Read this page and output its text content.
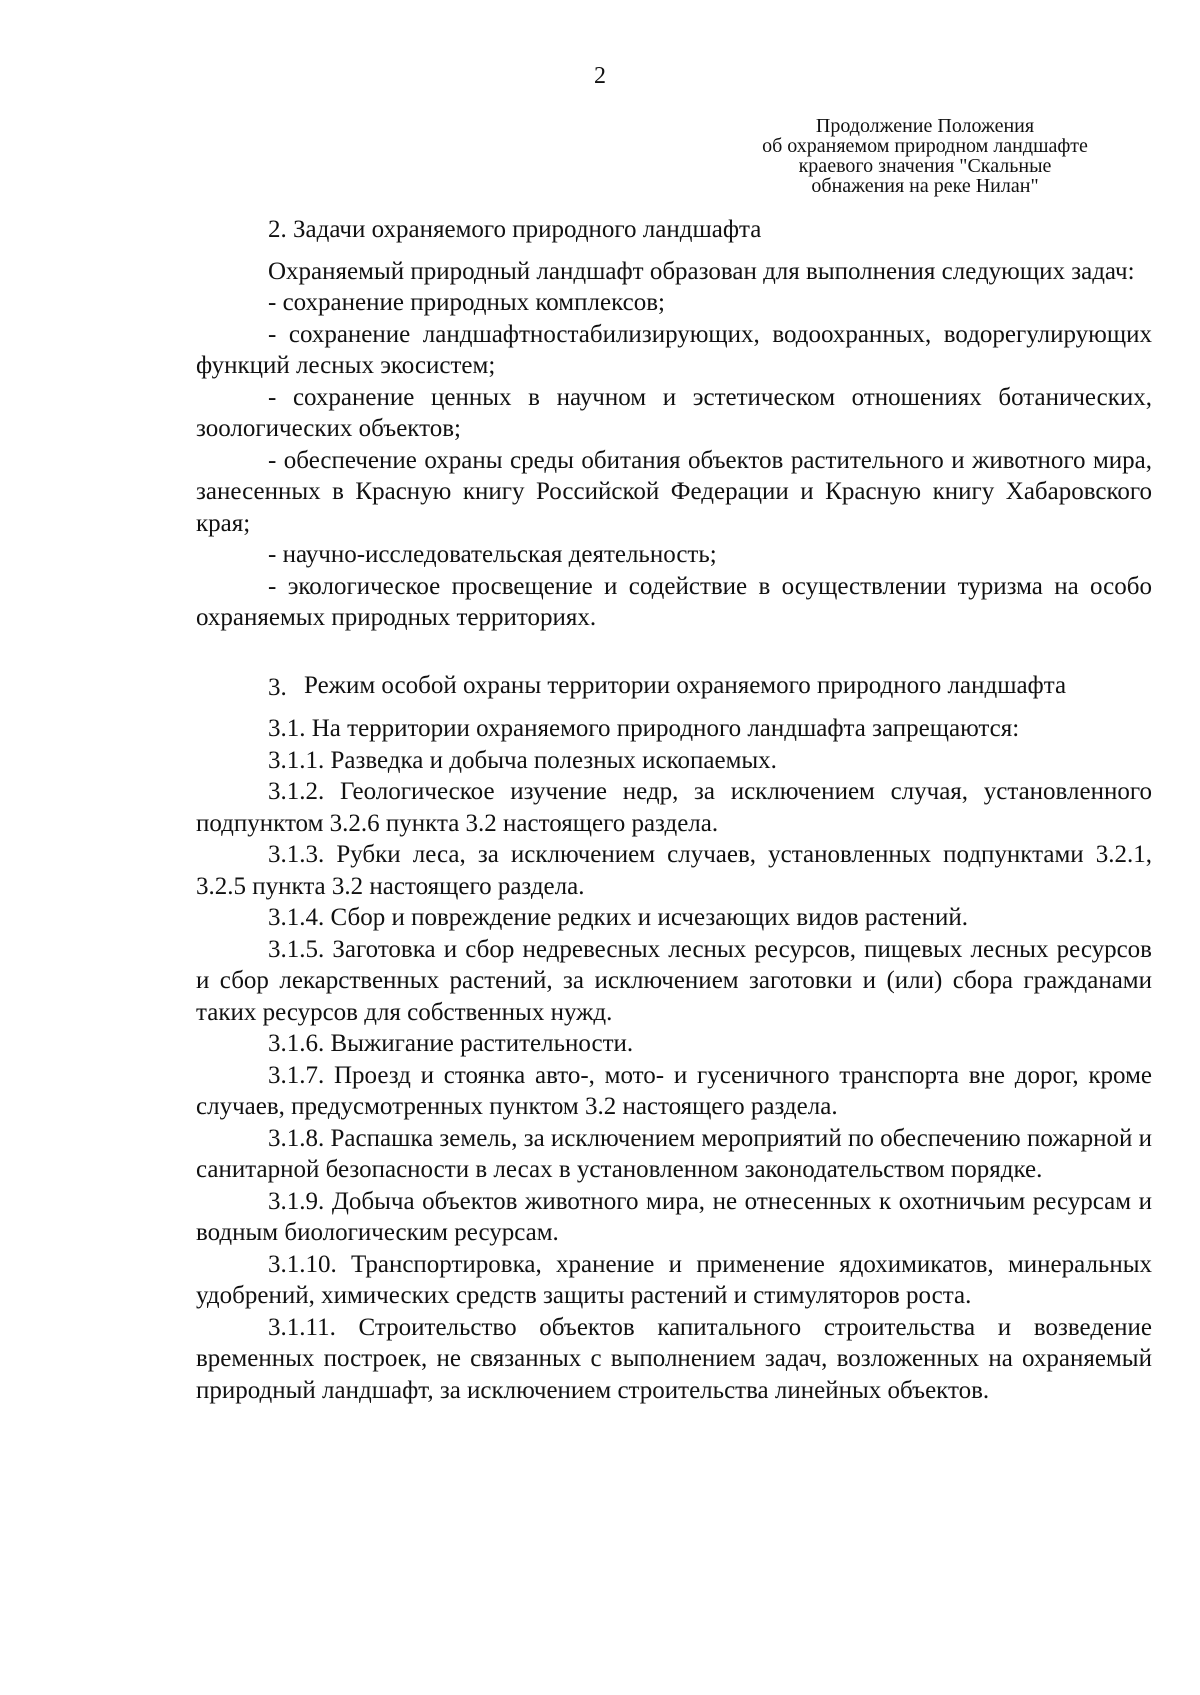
2
Продолжение Положения
об охраняемом природном ландшафте
краевого значения "Скальные
обнажения на реке Нилан"

2. Задачи охраняемого природного ландшафта

Охраняемый природный ландшафт образован для выполнения следующих задач:

- сохранение природных комплексов;

- сохранение ландшафтностабилизирующих, водоохранных, водорегулирующих функций лесных экосистем;

- сохранение ценных в научном и эстетическом отношениях ботанических, зоологических объектов;

- обеспечение охраны среды обитания объектов растительного и животного мира, занесенных в Красную книгу Российской Федерации и Красную книгу Хабаровского края;

- научно-исследовательская деятельность;

- экологическое просвещение и содействие в осуществлении туризма на особо охраняемых природных территориях.

3. Режим особой охраны территории охраняемого природного ландшафта

3.1. На территории охраняемого природного ландшафта запрещаются:

3.1.1. Разведка и добыча полезных ископаемых.

3.1.2. Геологическое изучение недр, за исключением случая, установленного подпунктом 3.2.6 пункта 3.2 настоящего раздела.

3.1.3. Рубки леса, за исключением случаев, установленных подпунктами 3.2.1, 3.2.5 пункта 3.2 настоящего раздела.

3.1.4. Сбор и повреждение редких и исчезающих видов растений.

3.1.5. Заготовка и сбор недревесных лесных ресурсов, пищевых лесных ресурсов и сбор лекарственных растений, за исключением заготовки и (или) сбора гражданами таких ресурсов для собственных нужд.

3.1.6. Выжигание растительности.

3.1.7. Проезд и стоянка авто-, мото- и гусеничного транспорта вне дорог, кроме случаев, предусмотренных пунктом 3.2 настоящего раздела.

3.1.8. Распашка земель, за исключением мероприятий по обеспечению пожарной и санитарной безопасности в лесах в установленном законодательством порядке.

3.1.9. Добыча объектов животного мира, не отнесенных к охотничьим ресурсам и водным биологическим ресурсам.

3.1.10. Транспортировка, хранение и применение ядохимикатов, минеральных удобрений, химических средств защиты растений и стимуляторов роста.

3.1.11. Строительство объектов капитального строительства и возведение временных построек, не связанных с выполнением задач, возложенных на охраняемый природный ландшафт, за исключением строительства линейных объектов.
